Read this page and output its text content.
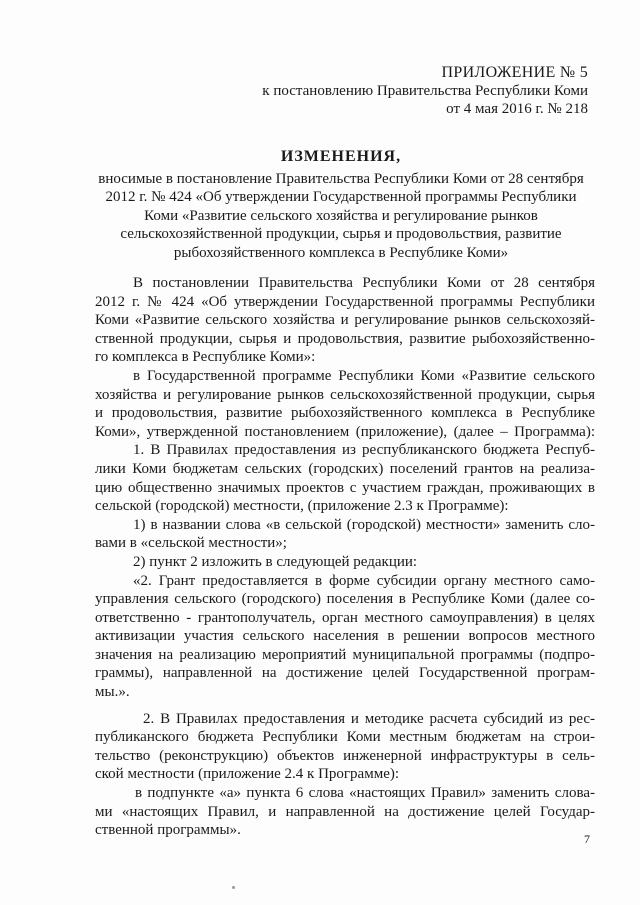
ПРИЛОЖЕНИЕ № 5
к постановлению Правительства Республики Коми
от 4 мая 2016 г. № 218
ИЗМЕНЕНИЯ,
вносимые в постановление Правительства Республики Коми от 28 сентября
2012 г. № 424 «Об утверждении Государственной программы Республики
Коми «Развитие сельского хозяйства и регулирование рынков
сельскохозяйственной продукции, сырья и продовольствия, развитие
рыбохозяйственного комплекса в Республике Коми»

В постановлении Правительства Республики Коми от 28 сентября

2012 г. № 424 «Об утверждении Государственной программы Республики

Коми «Развитие сельского хозяйства и регулирование рынков сельскохозяй-

ственной продукции, сырья и продовольствия, развитие рыбохозяйственно-

го комплекса в Республике Коми»:

в Государственной программе Республики Коми «Развитие сельского

хозяйства и регулирование рынков сельскохозяйственной продукции, сырья

и продовольствия, развитие рыбохозяйственного комплекса в Республике

Коми», утвержденной постановлением (приложение), (далее – Программа):

1. В Правилах предоставления из республиканского бюджета Респуб-

лики Коми бюджетам сельских (городских) поселений грантов на реализа-

цию общественно значимых проектов с участием граждан, проживающих в

сельской (городской) местности, (приложение 2.3 к Программе):

1) в названии слова «в сельской (городской) местности» заменить сло-

вами в «сельской местности»;

2) пункт 2 изложить в следующей редакции:

«2. Грант предоставляется в форме субсидии органу местного само-

управления сельского (городского) поселения в Республике Коми (далее со-

ответственно - грантополучатель, орган местного самоуправления) в целях

активизации участия сельского населения в решении вопросов местного

значения на реализацию мероприятий муниципальной программы (подпро-

граммы), направленной на достижение целей Государственной програм-

мы.».

2. В Правилах предоставления и методике расчета субсидий из рес-

публиканского бюджета Республики Коми местным бюджетам на строи-

тельство (реконструкцию) объектов инженерной инфраструктуры в сель-

ской местности (приложение 2.4 к Программе):

в подпункте «а» пункта 6 слова «настоящих Правил» заменить слова-

ми «настоящих Правил, и направленной на достижение целей Государ-

ственной программы».

7
